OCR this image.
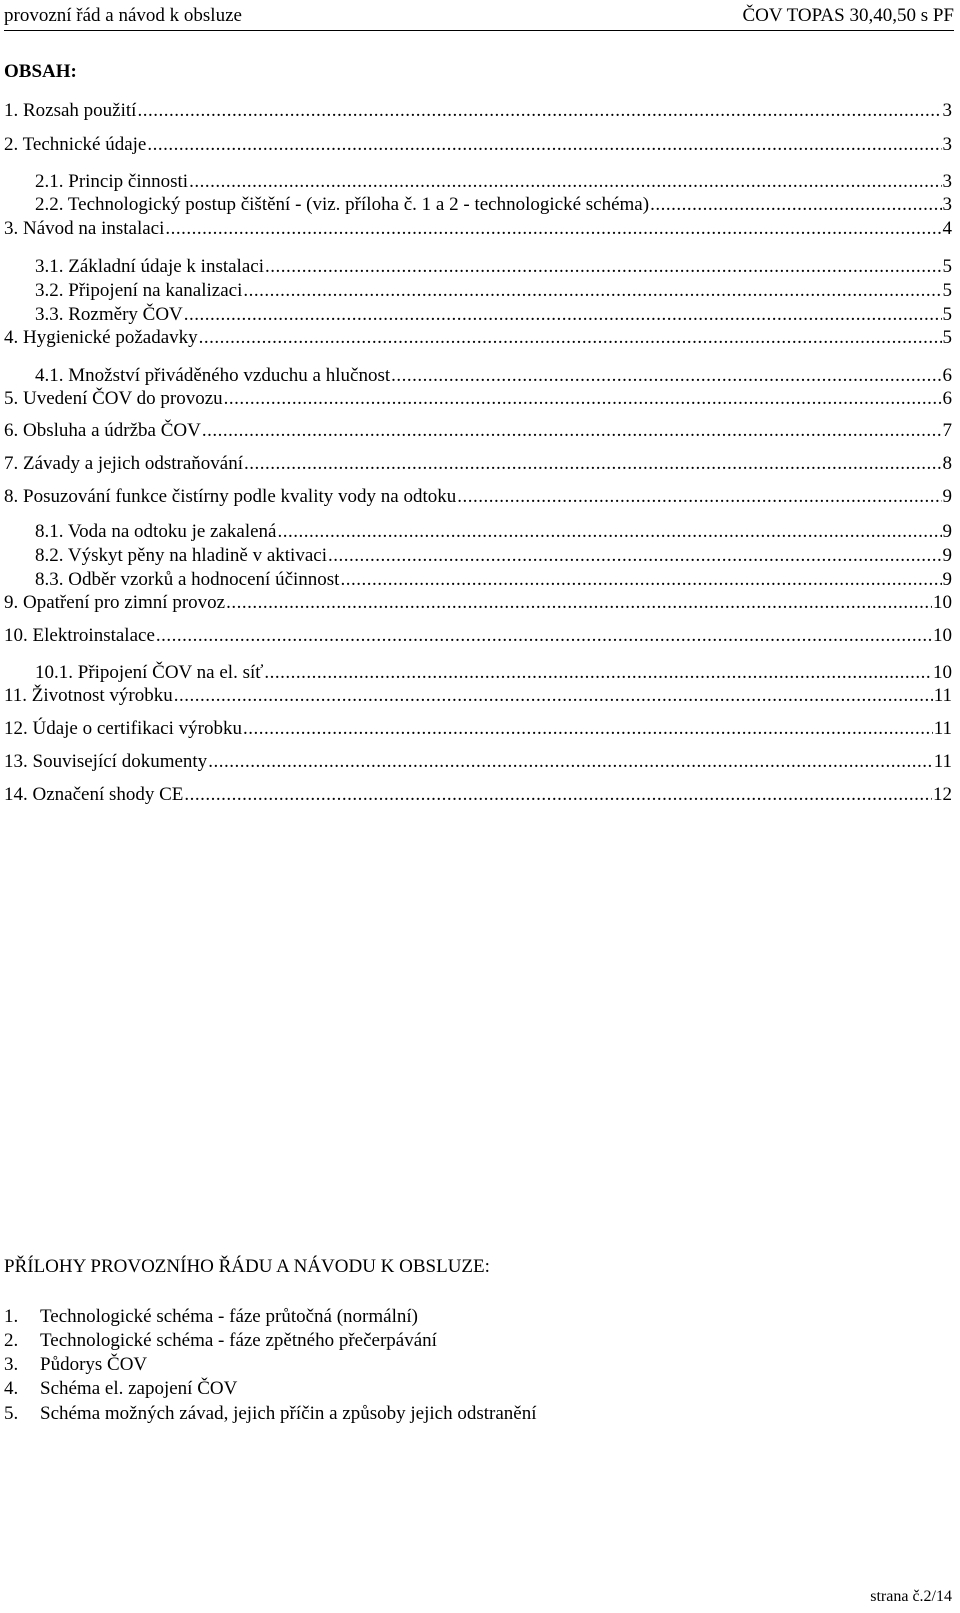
provozní řád a návod k obsluze	ČOV TOPAS 30,40,50 s PF
OBSAH:
1. Rozsah použití .....	3
2. Technické údaje .....	3
2.1. Princip činnosti .....	3
2.2. Technologický postup čištění - (viz. příloha č. 1 a 2 - technologické schéma) .....	3
3. Návod na instalaci .....	4
3.1. Základní údaje k instalaci .....	5
3.2. Připojení na kanalizaci .....	5
3.3. Rozměry ČOV .....	5
4. Hygienické požadavky .....	5
4.1. Množství přiváděného vzduchu a hlučnost .....	6
5. Uvedení ČOV do provozu .....	6
6. Obsluha a údržba ČOV .....	7
7. Závady a jejich odstraňování .....	8
8. Posuzování funkce čistírny podle kvality vody na odtoku .....	9
8.1. Voda na odtoku je zakalená .....	9
8.2. Výskyt pěny na hladině v aktivaci .....	9
8.3. Odběr vzorků a hodnocení účinnost .....	9
9. Opatření pro zimní provoz .....	10
10. Elektroinstalace .....	10
10.1. Připojení ČOV na el. síť .....	10
11. Životnost výrobku .....	11
12. Údaje o certifikaci výrobku .....	11
13. Související dokumenty .....	11
14. Označení shody CE .....	12
PŘÍLOHY PROVOZNÍHO ŘÁDU A NÁVODU K OBSLUZE:
1. Technologické schéma - fáze průtočná (normální)
2. Technologické schéma - fáze zpětného přečerpávání
3. Půdorys ČOV
4. Schéma el. zapojení ČOV
5. Schéma možných závad, jejich příčin a způsoby jejich odstranění
strana č.2/14
